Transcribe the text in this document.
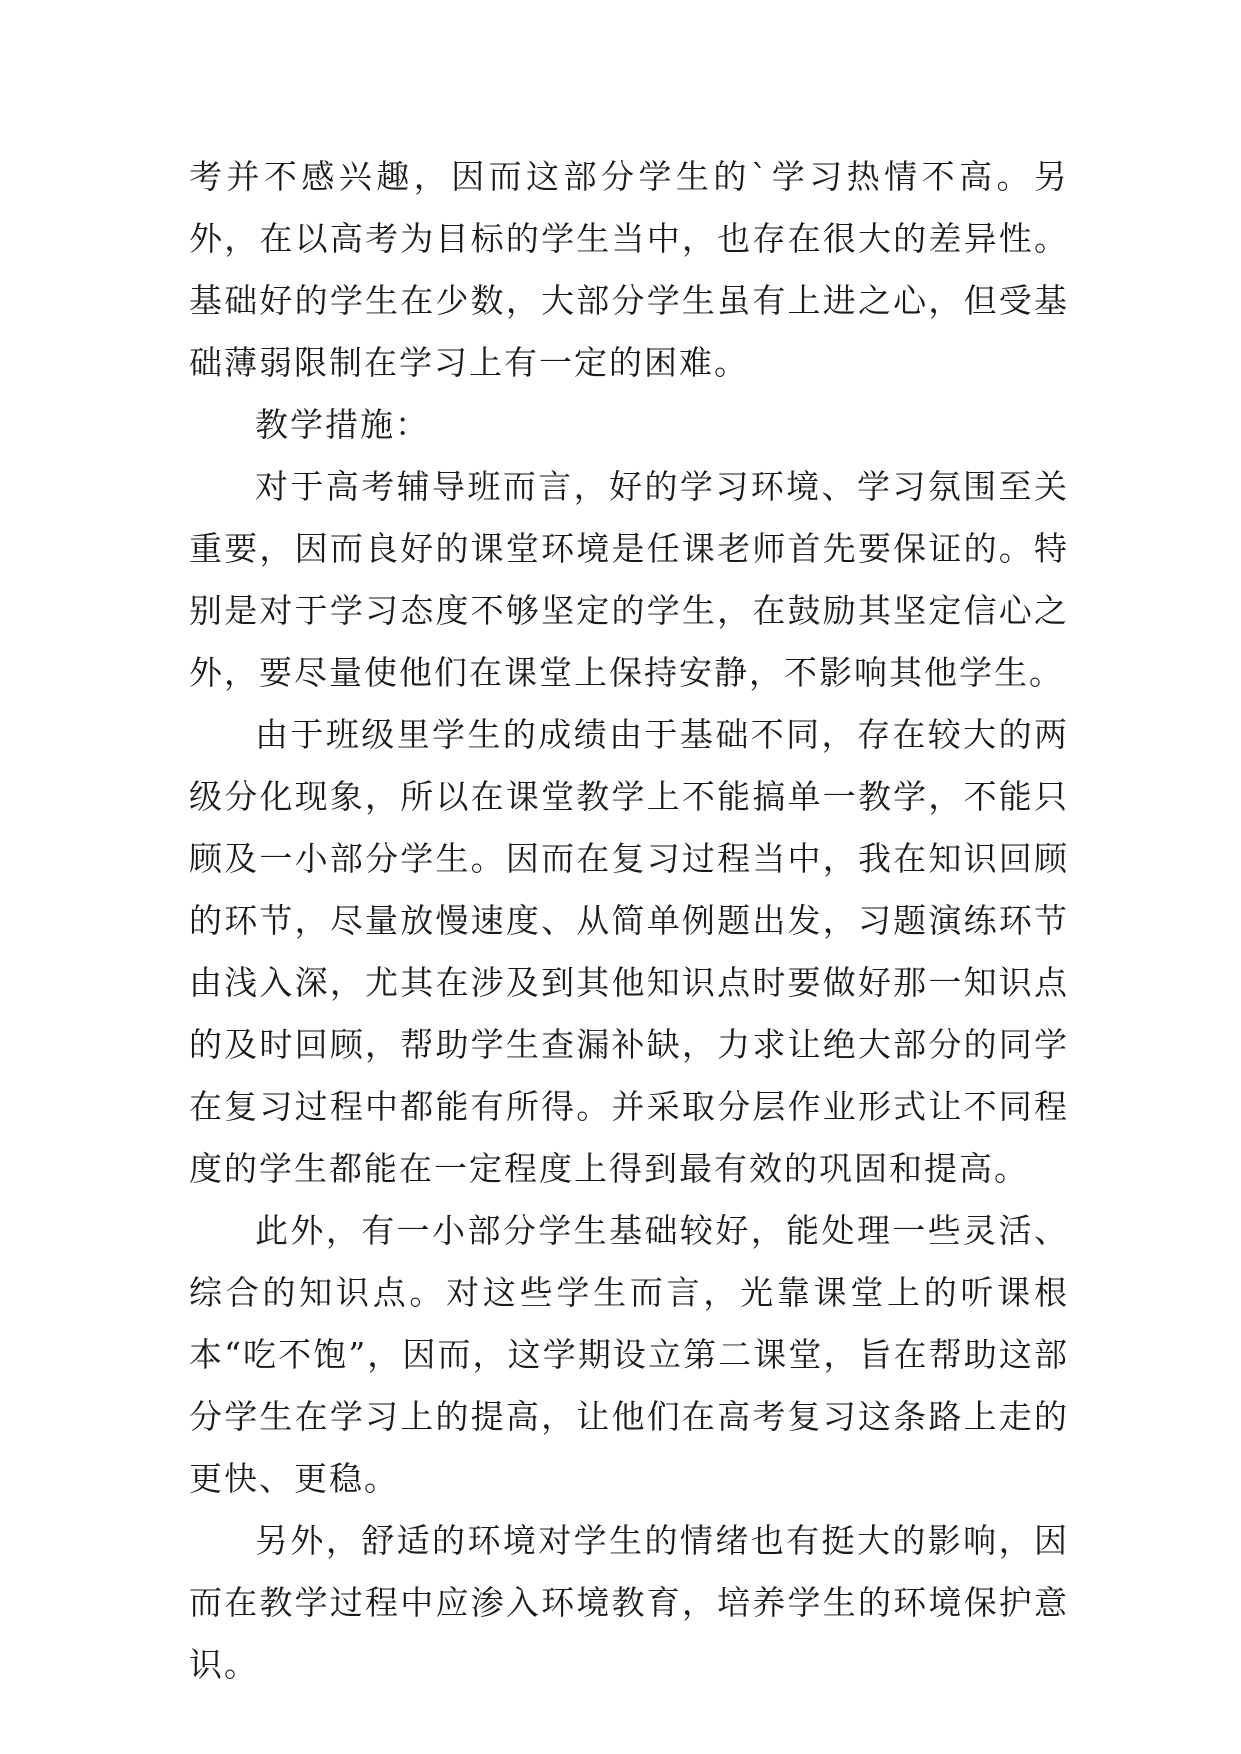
考并不感兴趣，因而这部分学生的`学习热情不高。另外，在以高考为目标的学生当中，也存在很大的差异性。基础好的学生在少数，大部分学生虽有上进之心，但受基础薄弱限制在学习上有一定的困难。

教学措施：

对于高考辅导班而言，好的学习环境、学习氛围至关重要，因而良好的课堂环境是任课老师首先要保证的。特别是对于学习态度不够坚定的学生，在鼓励其坚定信心之外，要尽量使他们在课堂上保持安静，不影响其他学生。

由于班级里学生的成绩由于基础不同，存在较大的两级分化现象，所以在课堂教学上不能搞单一教学，不能只顾及一小部分学生。因而在复习过程当中，我在知识回顾的环节，尽量放慢速度、从简单例题出发，习题演练环节由浅入深，尤其在涉及到其他知识点时要做好那一知识点的及时回顾，帮助学生查漏补缺，力求让绝大部分的同学在复习过程中都能有所得。并采取分层作业形式让不同程度的学生都能在一定程度上得到最有效的巩固和提高。

此外，有一小部分学生基础较好，能处理一些灵活、综合的知识点。对这些学生而言，光靠课堂上的听课根本“吃不饱”，因而，这学期设立第二课堂，旨在帮助这部分学生在学习上的提高，让他们在高考复习这条路上走的更快、更稳。

另外，舒适的环境对学生的情绪也有挺大的影响，因而在教学过程中应渗入环境教育，培养学生的环境保护意识。
